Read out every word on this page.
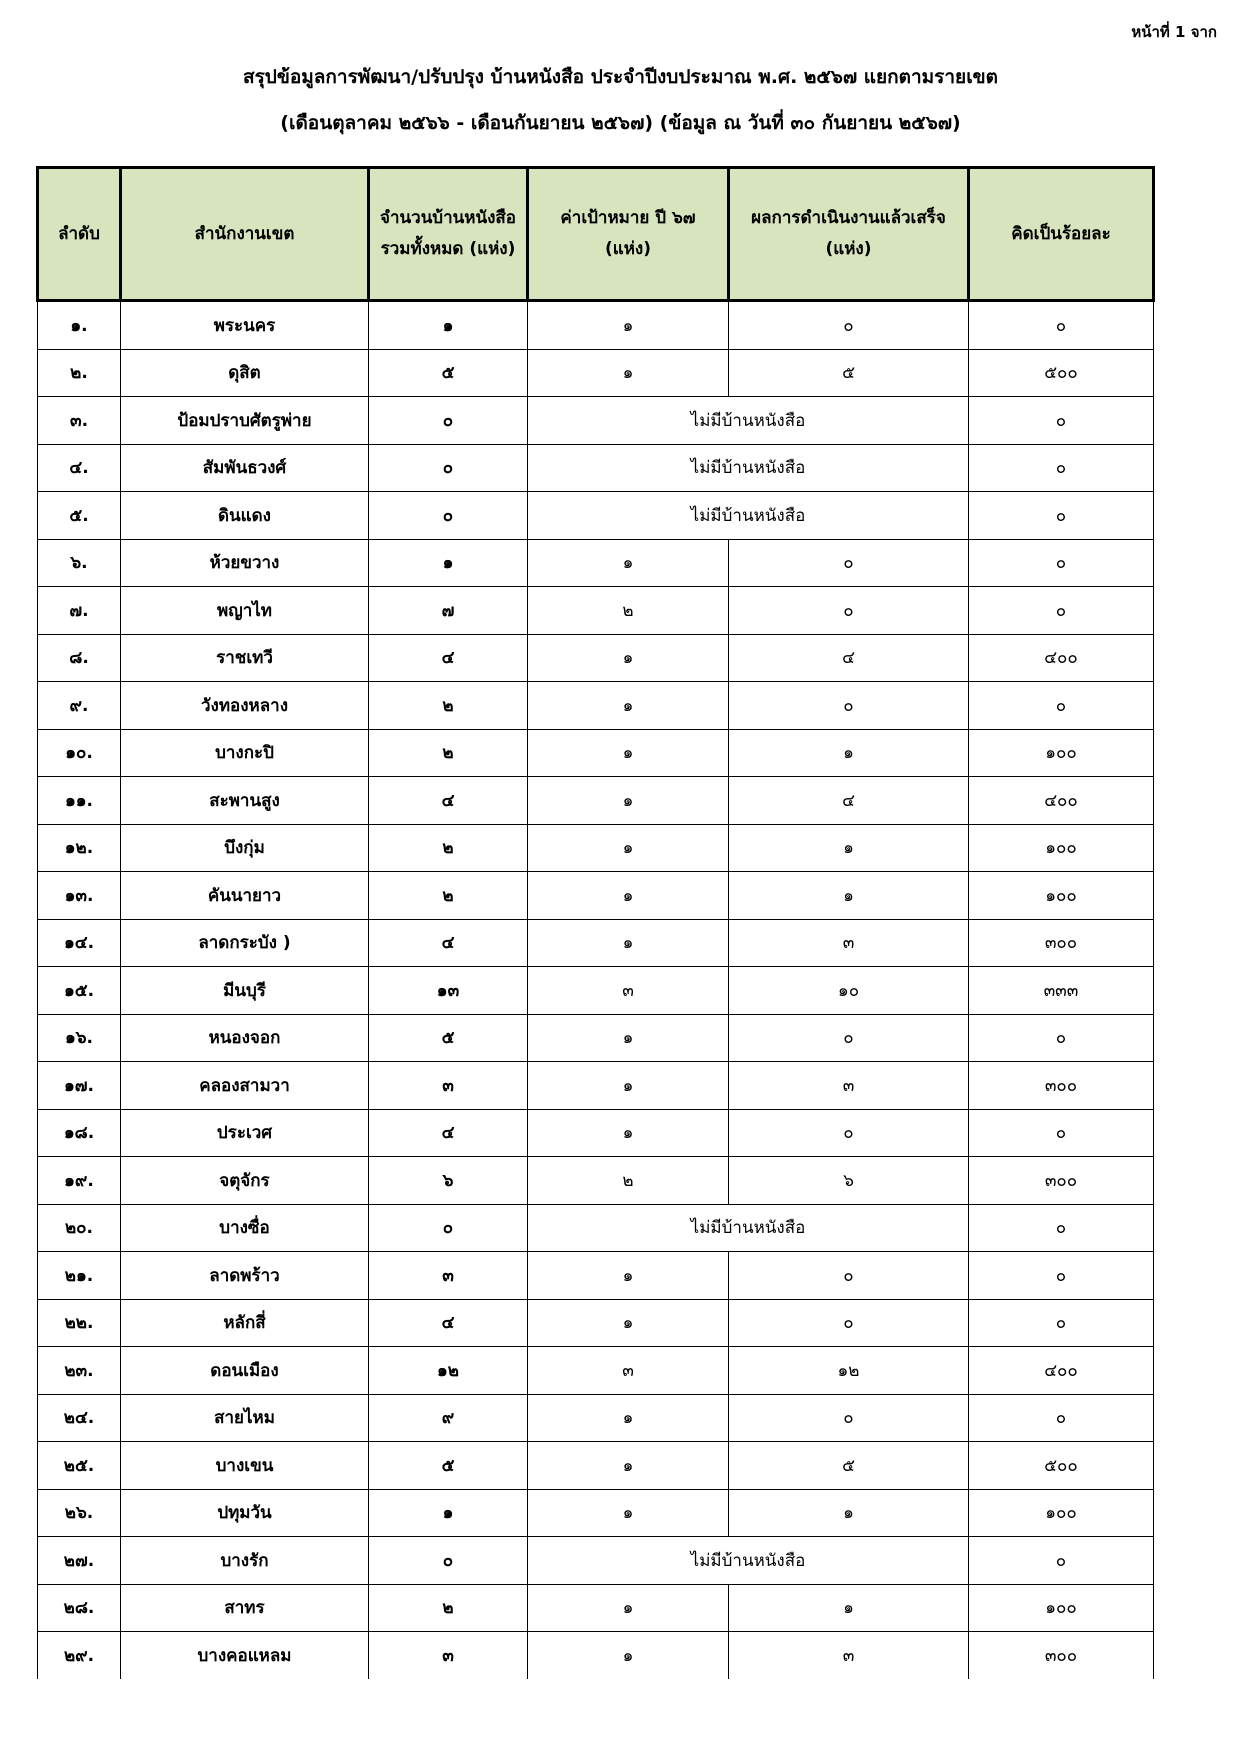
หน้าที่ 1 จาก
สรุปข้อมูลการพัฒนา/ปรับปรุง บ้านหนังสือ ประจำปีงบประมาณ พ.ศ. ๒๕๖๗ แยกตามรายเขต
(เดือนตุลาคม ๒๕๖๖ - เดือนกันยายน ๒๕๖๗) (ข้อมูล ณ วันที่ ๓๐ กันยายน ๒๕๖๗)
ลำดับ	สำนักงานเขต	จำนวนบ้านหนังสือรวมทั้งหมด (แห่ง)	ค่าเป้าหมาย ปี ๖๗ (แห่ง)	ผลการดำเนินงานแล้วเสร็จ (แห่ง)	คิดเป็นร้อยละ
๑.	พระนคร	๑	๑	๐	๐
๒.	ดุสิต	๕	๑	๕	๕๐๐
๓.	ป้อมปราบศัตรูพ่าย	๐	ไม่มีบ้านหนังสือ		๐
๔.	สัมพันธวงศ์	๐	ไม่มีบ้านหนังสือ		๐
๕.	ดินแดง	๐	ไม่มีบ้านหนังสือ		๐
๖.	ห้วยขวาง	๑	๑	๐	๐
๗.	พญาไท	๗	๒	๐	๐
๘.	ราชเทวี	๔	๑	๔	๔๐๐
๙.	วังทองหลาง	๒	๑	๐	๐
๑๐.	บางกะปิ	๒	๑	๑	๑๐๐
๑๑.	สะพานสูง	๔	๑	๔	๔๐๐
๑๒.	บึงกุ่ม	๒	๑	๑	๑๐๐
๑๓.	คันนายาว	๒	๑	๑	๑๐๐
๑๔.	ลาดกระบัง )	๔	๑	๓	๓๐๐
๑๕.	มีนบุรี	๑๓	๓	๑๐	๓๓๓
๑๖.	หนองจอก	๕	๑	๐	๐
๑๗.	คลองสามวา	๓	๑	๓	๓๐๐
๑๘.	ประเวศ	๔	๑	๐	๐
๑๙.	จตุจักร	๖	๒	๖	๓๐๐
๒๐.	บางซื่อ	๐	ไม่มีบ้านหนังสือ		๐
๒๑.	ลาดพร้าว	๓	๑	๐	๐
๒๒.	หลักสี่	๔	๑	๐	๐
๒๓.	ดอนเมือง	๑๒	๓	๑๒	๔๐๐
๒๔.	สายไหม	๙	๑	๐	๐
๒๕.	บางเขน	๕	๑	๕	๕๐๐
๒๖.	ปทุมวัน	๑	๑	๑	๑๐๐
๒๗.	บางรัก	๐	ไม่มีบ้านหนังสือ		๐
๒๘.	สาทร	๒	๑	๑	๑๐๐
๒๙.	บางคอแหลม	๓	๑	๓	๓๐๐
